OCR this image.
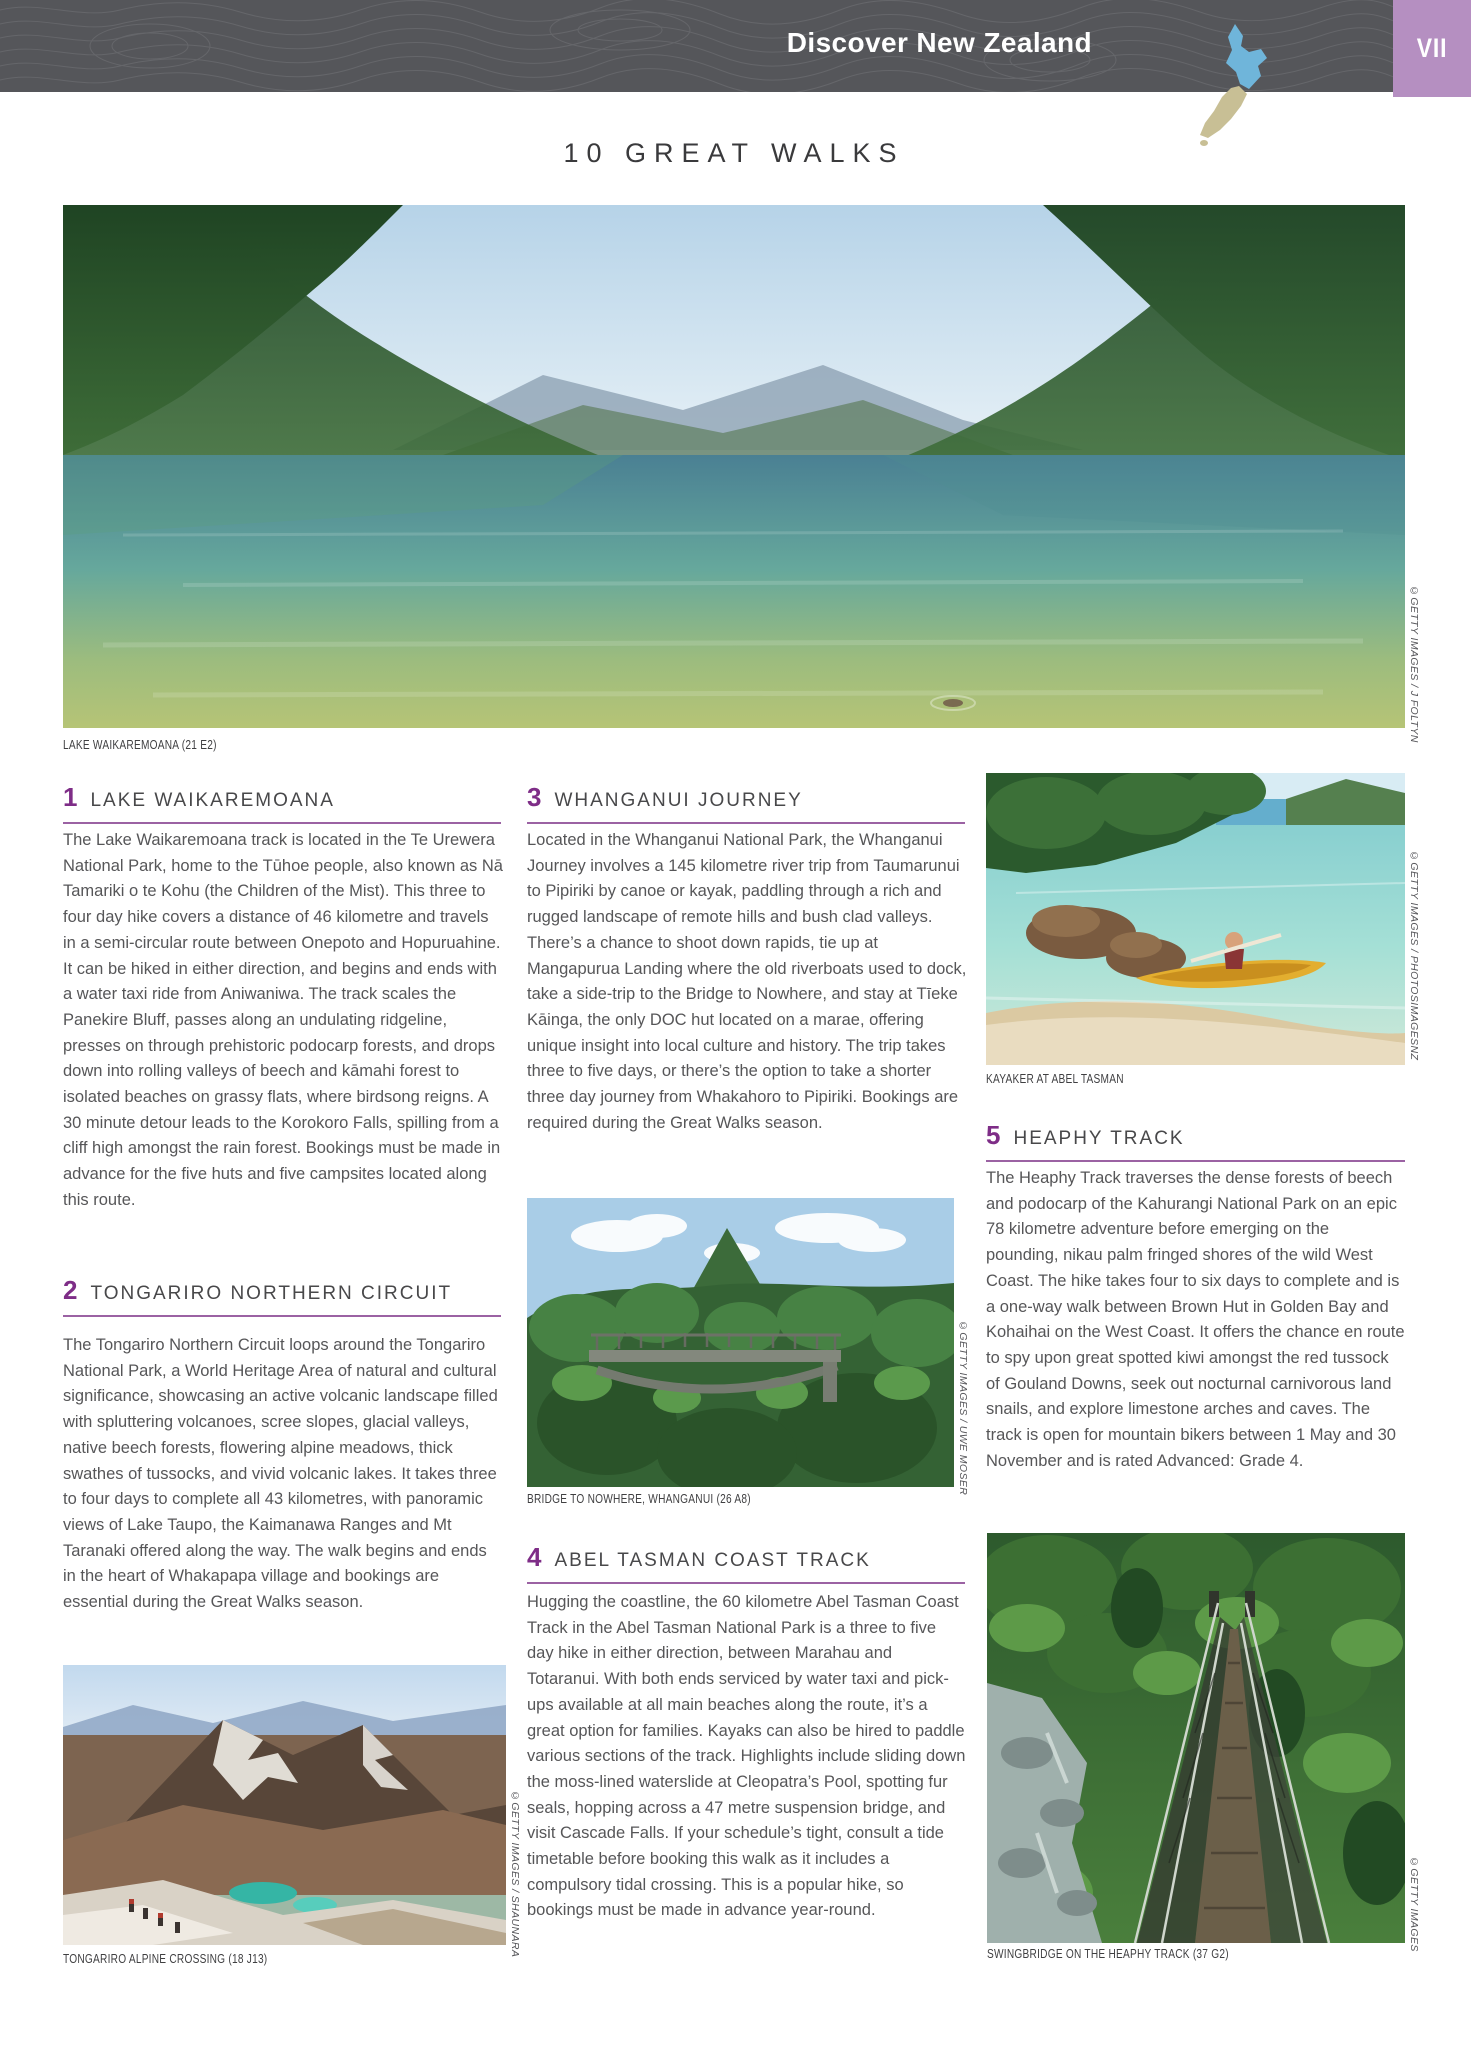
Discover New Zealand	VII
10 GREAT WALKS
LAKE WAIKAREMOANA (21 E2)
©GETTY IMAGES / J FOLTYN
1 LAKE WAIKAREMOANA
The Lake Waikaremoana track is located in the Te Urewera National Park, home to the Tūhoe people, also known as Nā Tamariki o te Kohu (the Children of the Mist). This three to four day hike covers a distance of 46 kilometre and travels in a semi-circular route between Onepoto and Hopuruahine. It can be hiked in either direction, and begins and ends with a water taxi ride from Aniwaniwa. The track scales the Panekire Bluff, passes along an undulating ridgeline, presses on through prehistoric podocarp forests, and drops down into rolling valleys of beech and kāmahi forest to isolated beaches on grassy flats, where birdsong reigns. A 30 minute detour leads to the Korokoro Falls, spilling from a cliff high amongst the rain forest. Bookings must be made in advance for the five huts and five campsites located along this route.
2 TONGARIRO NORTHERN CIRCUIT
The Tongariro Northern Circuit loops around the Tongariro National Park, a World Heritage Area of natural and cultural significance, showcasing an active volcanic landscape filled with spluttering volcanoes, scree slopes, glacial valleys, native beech forests, flowering alpine meadows, thick swathes of tussocks, and vivid volcanic lakes. It takes three to four days to complete all 43 kilometres, with panoramic views of Lake Taupo, the Kaimanawa Ranges and Mt Taranaki offered along the way. The walk begins and ends in the heart of Whakapapa village and bookings are essential during the Great Walks season.
TONGARIRO ALPINE CROSSING (18 J13)
©GETTY IMAGES / SHAUNARA
3 WHANGANUI JOURNEY
Located in the Whanganui National Park, the Whanganui Journey involves a 145 kilometre river trip from Taumarunui to Pipiriki by canoe or kayak, paddling through a rich and rugged landscape of remote hills and bush clad valleys. There’s a chance to shoot down rapids, tie up at Mangapurua Landing where the old riverboats used to dock, take a side-trip to the Bridge to Nowhere, and stay at Tīeke Kāinga, the only DOC hut located on a marae, offering unique insight into local culture and history. The trip takes three to five days, or there’s the option to take a shorter three day journey from Whakahoro to Pipiriki. Bookings are required during the Great Walks season.
BRIDGE TO NOWHERE, WHANGANUI (26 A8)
©GETTY IMAGES / UWE MOSER
4 ABEL TASMAN COAST TRACK
Hugging the coastline, the 60 kilometre Abel Tasman Coast Track in the Abel Tasman National Park is a three to five day hike in either direction, between Marahau and Totaranui. With both ends serviced by water taxi and pick-ups available at all main beaches along the route, it’s a great option for families. Kayaks can also be hired to paddle various sections of the track. Highlights include sliding down the moss-lined waterslide at Cleopatra’s Pool, spotting fur seals, hopping across a 47 metre suspension bridge, and visit Cascade Falls. If your schedule’s tight, consult a tide timetable before booking this walk as it includes a compulsory tidal crossing. This is a popular hike, so bookings must be made in advance year-round.
KAYAKER AT ABEL TASMAN
©GETTY IMAGES / PHOTOSIMAGESNZ
5 HEAPHY TRACK
The Heaphy Track traverses the dense forests of beech and podocarp of the Kahurangi National Park on an epic 78 kilometre adventure before emerging on the pounding, nikau palm fringed shores of the wild West Coast. The hike takes four to six days to complete and is a one-way walk between Brown Hut in Golden Bay and Kohaihai on the West Coast. It offers the chance en route to spy upon great spotted kiwi amongst the red tussock of Gouland Downs, seek out nocturnal carnivorous land snails, and explore limestone arches and caves. The track is open for mountain bikers between 1 May and 30 November and is rated Advanced: Grade 4.
SWINGBRIDGE ON THE HEAPHY TRACK (37 G2)
©GETTY IMAGES
